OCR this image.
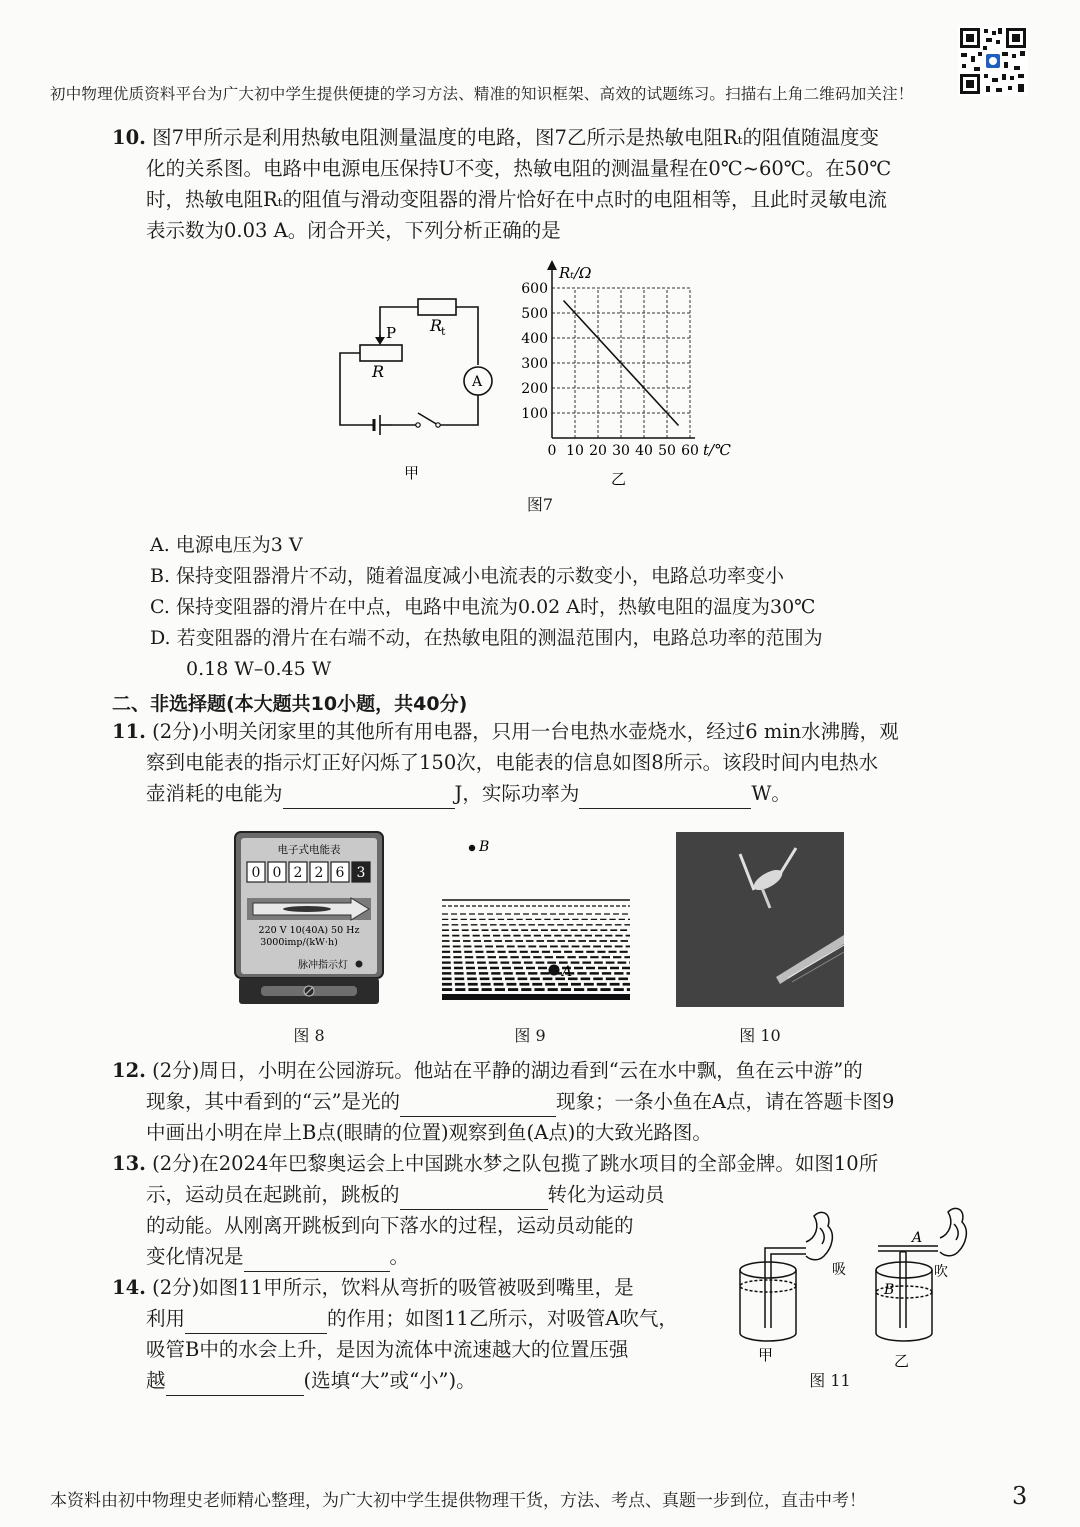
初中物理优质资料平台为广大初中学生提供便捷的学习方法、精准的知识框架、高效的试题练习。扫描右上角二维码加关注！
10. 图7甲所示是利用热敏电阻测量温度的电路，图7乙所示是热敏电阻Rₜ的阻值随温度变
化的关系图。电路中电源电压保持U不变，热敏电阻的测温量程在0℃~60℃。在50℃
时，热敏电阻Rₜ的阻值与滑动变阻器的滑片恰好在中点时的电阻相等，且此时灵敏电流
表示数为0.03 A。闭合开关，下列分析正确的是
P R
t
R
A
甲
600
500
400
300
200
100
0 10 20 30 40 50 60
Rₜ/Ω
t/℃
乙
图7
A. 电源电压为3 V
B. 保持变阻器滑片不动，随着温度减小电流表的示数变小，电路总功率变小
C. 保持变阻器的滑片在中点，电路中电流为0.02 A时，热敏电阻的温度为30℃
D. 若变阻器的滑片在右端不动，在热敏电阻的测温范围内，电路总功率的范围为
0.18 W–0.45 W
二、非选择题(本大题共10小题，共40分)
11. (2分)小明关闭家里的其他所有用电器，只用一台电热水壶烧水，经过6 min水沸腾，观
察到电能表的指示灯正好闪烁了150次，电能表的信息如图8所示。该段时间内电热水
壶消耗的电能为	J，实际功率为	W。
0 0 2 2 6 3
电子式电能表
220 V 10(40A) 50 Hz
3000imp/(kW·h)
脉冲指示灯
图 8
B
A
图 9	图 10
12. (2分)周日，小明在公园游玩。他站在平静的湖边看到“云在水中飘，鱼在云中游”的
现象，其中看到的“云”是光的	现象；一条小鱼在A点，请在答题卡图9
中画出小明在岸上B点(眼睛的位置)观察到鱼(A点)的大致光路图。
13. (2分)在2024年巴黎奥运会上中国跳水梦之队包揽了跳水项目的全部金牌。如图10所
示，运动员在起跳前，跳板的	转化为运动员
的动能。从刚离开跳板到向下落水的过程，运动员动能的
变化情况是	。
14. (2分)如图11甲所示，饮料从弯折的吸管被吸到嘴里，是
利用	的作用；如图11乙所示，对吸管A吹气，
吸管B中的水会上升，是因为流体中流速越大的位置压强
越	(选填“大”或“小”)。
吸	吹
A
B
甲	乙
图 11
本资料由初中物理史老师精心整理，为广大初中学生提供物理干货，方法、考点、真题一步到位，直击中考！	3
